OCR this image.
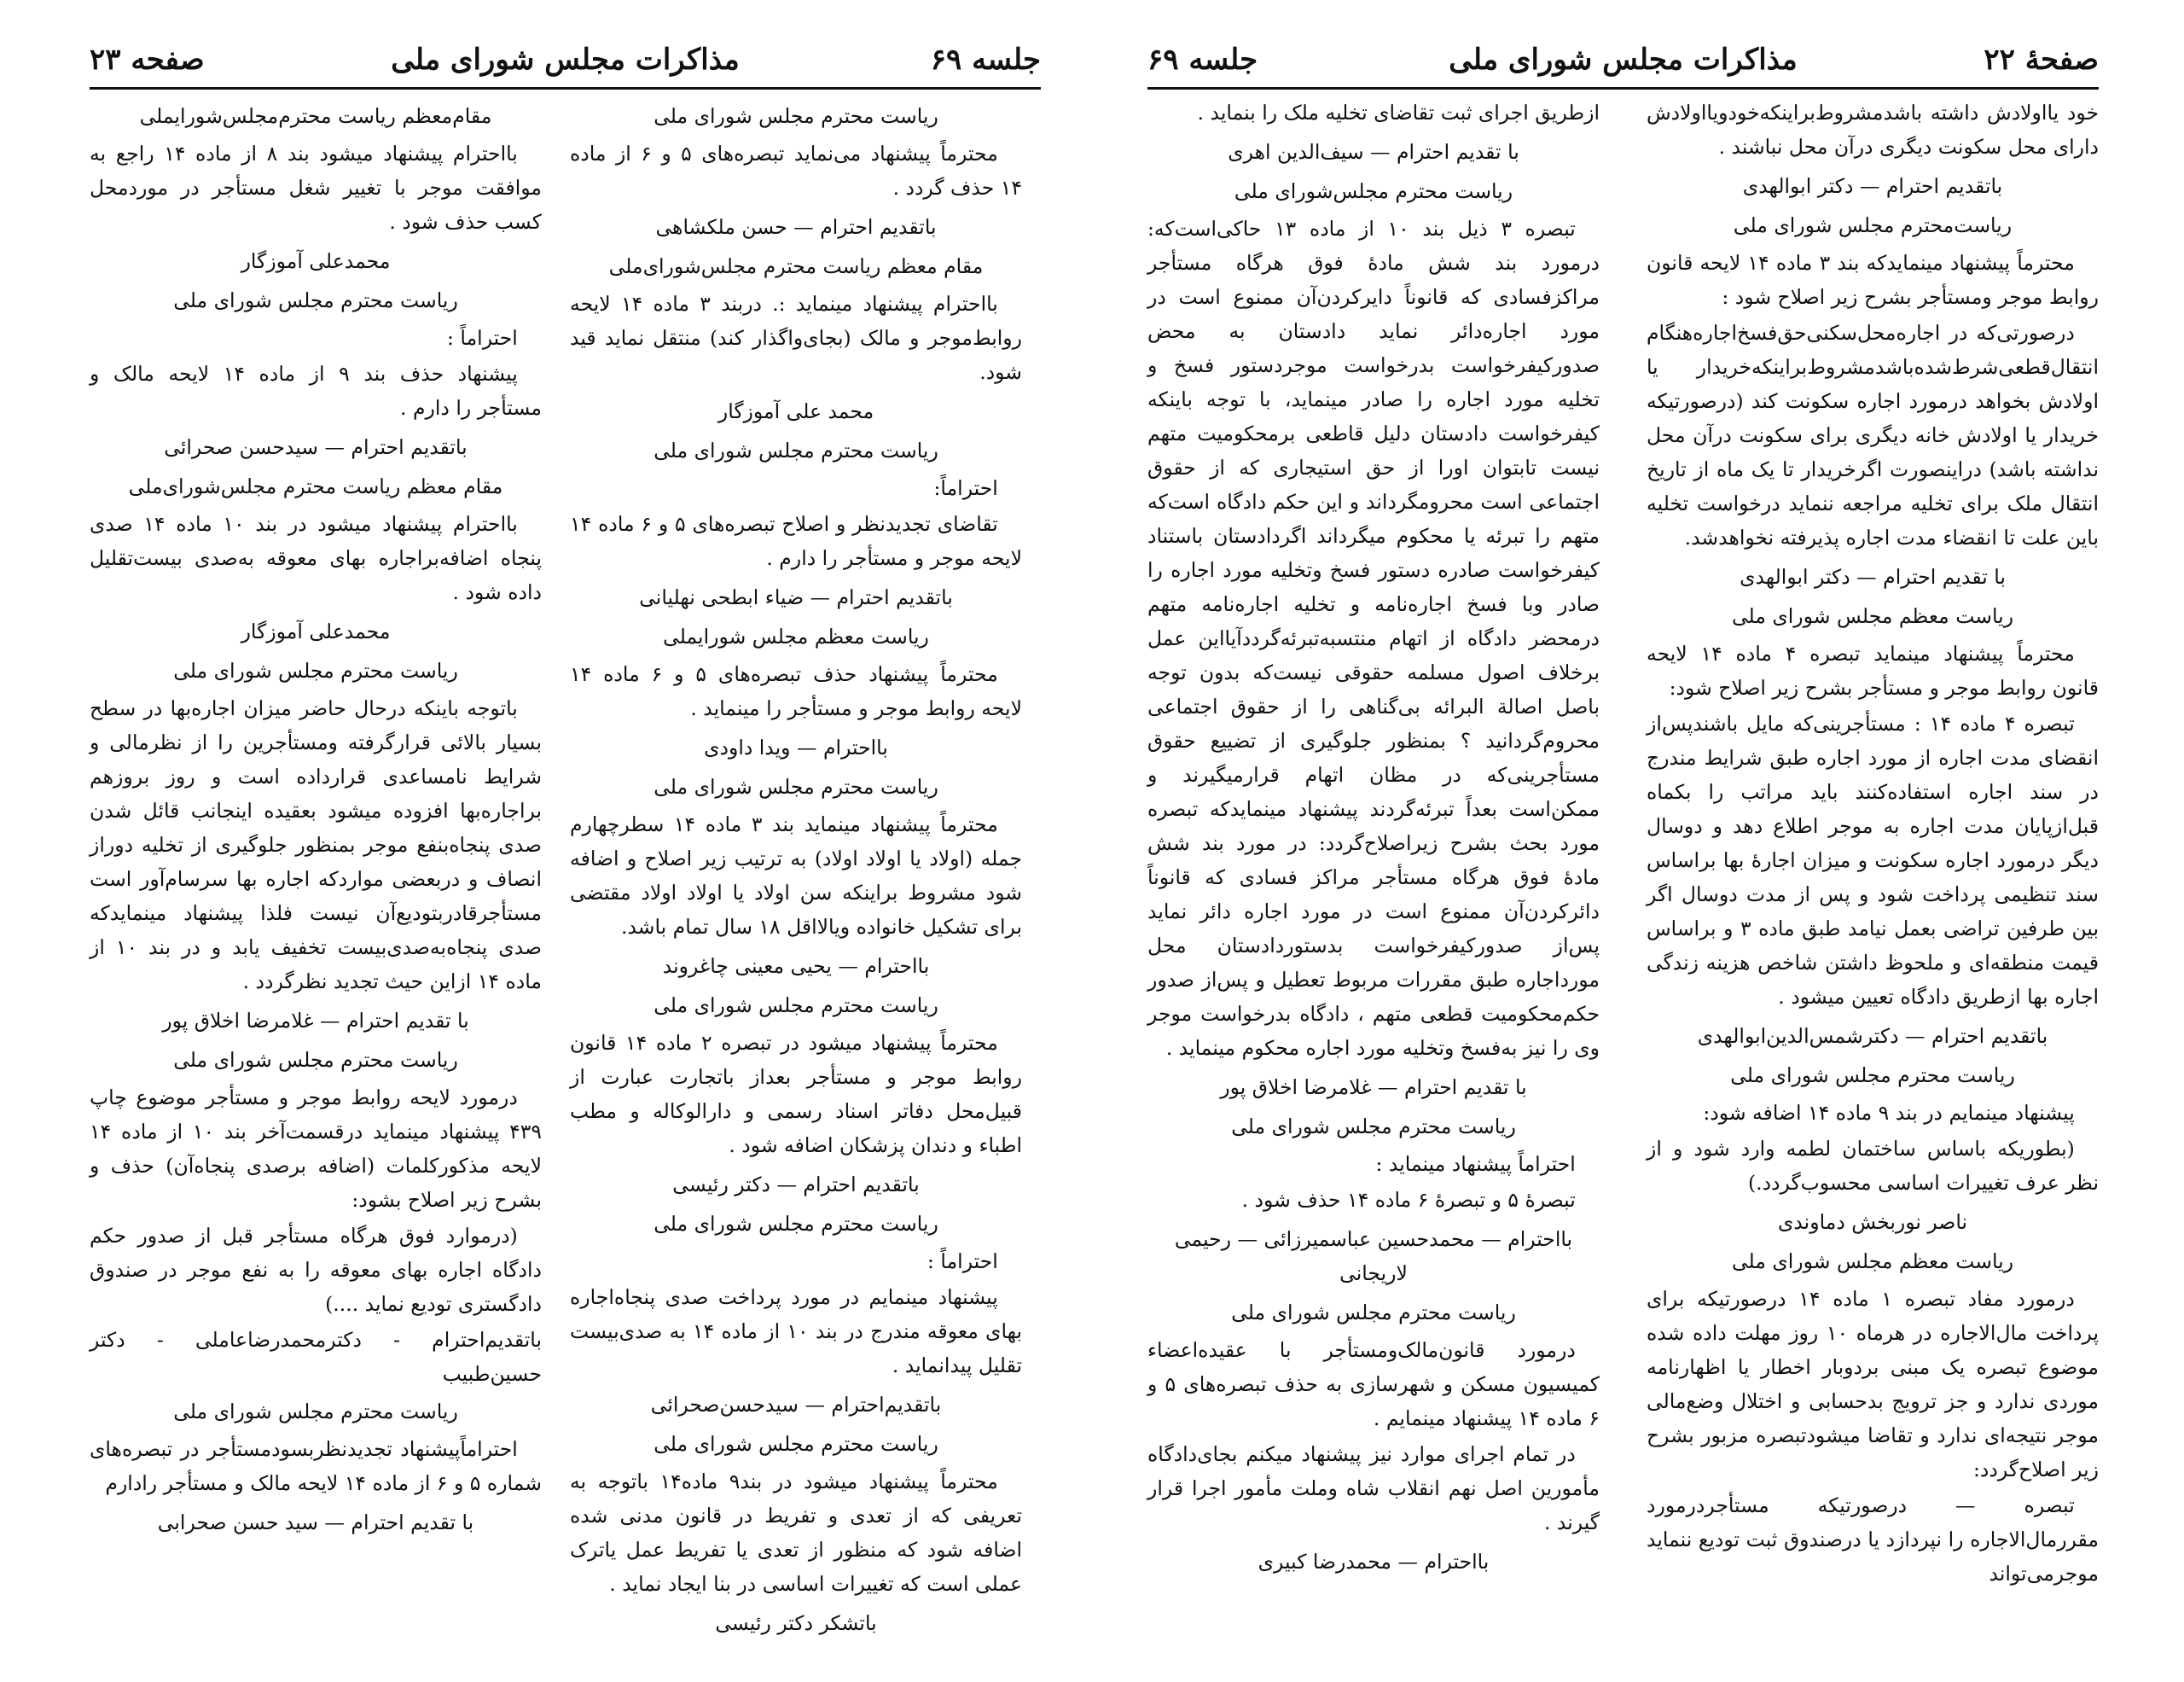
جلسه ۶۹
مذاکرات مجلس شورای ملی
صفحه ۲۳

ریاست محترم مجلس شورای ملی

محترماً پیشنهاد می‌نماید تبصره‌های ۵ و ۶ از ماده ۱۴ حذف گردد .

باتقدیم احترام — حسن ملکشاهی

مقام معظم ریاست محترم مجلس‌شورای‌ملی

بااحترام پیشنهاد مینماید :. دربند ۳ ماده ۱۴ لایحه روابط‌موجر و مالک (بجای‌واگذار کند) منتقل نماید قید شود.

محمد علی آموزگار

ریاست محترم مجلس شورای ملی

احتراماً:

تقاضای تجدیدنظر و اصلاح تبصره‌های ۵ و ۶ ماده ۱۴ لایحه موجر و مستأجر را دارم .

باتقدیم احترام — ضیاء ابطحی نهلیانی

ریاست معظم مجلس شورایملی

محترماً پیشنهاد حذف تبصره‌های ۵ و ۶ ماده ۱۴ لایحه روابط موجر و مستأجر را مینماید .

بااحترام — ویدا داودی

ریاست محترم مجلس شورای ملی

محترماً پیشنهاد مینماید بند ۳ ماده ۱۴ سطرچهارم جمله (اولاد یا اولاد اولاد) به ترتیب زیر اصلاح و اضافه شود مشروط براینکه سن اولاد یا اولاد اولاد مقتضی برای تشکیل خانواده ویالااقل ۱۸ سال تمام باشد.

بااحترام — یحیی معینی چاغروند

ریاست محترم مجلس شورای ملی

محترماً پیشنهاد میشود در تبصره ۲ ماده ۱۴ قانون روابط موجر و مستأجر بعداز باتجارت عبارت از قبیل‌محل دفاتر اسناد رسمی و دارالوکاله و مطب اطباء و دندان پزشکان اضافه شود .

باتقدیم احترام — دکتر رئیسی

ریاست محترم مجلس شورای ملی

احتراماً :

پیشنهاد مینمایم در مورد پرداخت صدی پنجاه‌اجاره بهای معوقه مندرج در بند ۱۰ از ماده ۱۴ به صدی‌بیست تقلیل پیدانماید .

باتقدیم‌احترام — سیدحسن‌صحرائی

ریاست محترم مجلس شورای ملی

محترماً پیشنهاد میشود در بند۹ ماده۱۴ باتوجه به تعریفی که از تعدی و تفریط در قانون مدنی شده اضافه شود که منظور از تعدی یا تفریط عمل یاترک عملی است که تغییرات اساسی در بنا ایجاد نماید .

باتشکر دکتر رئیسی

مقام‌معظم ریاست محترم‌مجلس‌شورایملی

بااحترام پیشنهاد میشود بند ۸ از ماده ۱۴ راجع به موافقت موجر با تغییر شغل مستأجر در موردمحل کسب حذف شود .

محمدعلی آموزگار

ریاست محترم مجلس شورای ملی

احتراماً :

پیشنهاد حذف بند ۹ از ماده ۱۴ لایحه مالک و مستأجر را دارم .

باتقدیم احترام — سیدحسن صحرائی

مقام معظم ریاست محترم مجلس‌شورای‌ملی

بااحترام پیشنهاد میشود در بند ۱۰ ماده ۱۴ صدی پنجاه اضافه‌براجاره بهای معوقه به‌صدی بیست‌تقلیل داده شود .

محمدعلی آموزگار

ریاست محترم مجلس شورای ملی

باتوجه باینکه درحال حاضر میزان اجاره‌بها در سطح بسیار بالائی قرارگرفته ومستأجرین را از نظرمالی و شرایط نامساعدی قرارداده است و روز بروزهم براجاره‌بها افزوده میشود بعقیده اینجانب قائل شدن صدی پنجاه‌بنفع موجر بمنظور جلوگیری از تخلیه دوراز انصاف و دربعضی مواردکه اجاره بها سرسام‌آور است مستأجرقادربتودیع‌آن نیست فلذا پیشنهاد مینمایدکه صدی پنجاه‌به‌صدی‌بیست تخفیف یابد و در بند ۱۰ از ماده ۱۴ ازاین حیث تجدید نظرگردد .

با تقدیم احترام — غلامرضا اخلاق پور

ریاست محترم مجلس شورای ملی

درمورد لایحه روابط موجر و مستأجر موضوع چاپ ۴۳۹ پیشنهاد مینماید درقسمت‌آخر بند ۱۰ از ماده ۱۴ لایحه مذکورکلمات (اضافه برصدی پنجاه‌آن) حذف و بشرح زیر اصلاح بشود:

(درموارد فوق هرگاه مستأجر قبل از صدور حکم دادگاه اجاره بهای معوقه را به نفع موجر در صندوق دادگستری تودیع نماید ....)

باتقدیم‌احترام - دکترمحمدرضاعاملی - دکتر حسین‌طبیب

ریاست محترم مجلس شورای ملی

احتراماًپیشنهاد تجدیدنظربسودمستأجر در تبصره‌های شماره ۵ و ۶ از ماده ۱۴ لایحه مالک و مستأجر رادارم

با تقدیم احترام — سید حسن صحرابی

صفحهٔ ۲۲
مذاکرات مجلس شورای ملی
جلسه ۶۹

خود یااولادش داشته باشدمشروط‌براینکه‌خودویااولادش دارای محل سکونت دیگری درآن محل نباشند .

باتقدیم احترام — دکتر ابوالهدی

ریاست‌محترم مجلس شورای ملی

محترماً پیشنهاد مینمایدکه بند ۳ ماده ۱۴ لایحه قانون روابط موجر ومستأجر بشرح زیر اصلاح شود :

درصورتی‌که در اجاره‌محل‌سکنی‌حق‌فسخ‌اجاره‌هنگام انتقال‌قطعی‌شرط‌شده‌باشدمشروط‌براینکه‌خریدار یا اولادش بخواهد درمورد اجاره سکونت کند (درصورتیکه خریدار یا اولادش خانه دیگری برای سکونت درآن محل نداشته باشد) دراینصورت اگرخریدار تا یک ماه از تاریخ انتقال ملک برای تخلیه مراجعه ننماید درخواست تخلیه باین علت تا انقضاء مدت اجاره پذیرفته نخواهدشد.

با تقدیم احترام — دکتر ابوالهدی

ریاست معظم مجلس شورای ملی

محترماً پیشنهاد مینماید تبصره ۴ ماده ۱۴ لایحه قانون روابط موجر و مستأجر بشرح زیر اصلاح شود:

تبصره ۴ ماده ۱۴ : مستأجرینی‌که مایل باشندپس‌از انقضای مدت اجاره از مورد اجاره طبق شرایط مندرج در سند اجاره استفاده‌کنند باید مراتب را بکماه قبل‌ازپایان مدت اجاره به موجر اطلاع دهد و دوسال دیگر درمورد اجاره سکونت و میزان اجارهٔ بها براساس سند تنظیمی پرداخت شود و پس از مدت دوسال اگر بین طرفین تراضی بعمل نیامد طبق ماده ۳ و براساس قیمت منطقه‌ای و ملحوظ داشتن شاخص هزینه زندگی اجاره بها ازطریق دادگاه تعیین میشود .

باتقدیم احترام — دکترشمس‌الدین‌ابوالهدی

ریاست محترم مجلس شورای ملی

پیشنهاد مینمایم در بند ۹ ماده ۱۴ اضافه شود:

(بطوریکه باساس ساختمان لطمه وارد شود و از نظر عرف تغییرات اساسی محسوب‌گردد.)

ناصر نوربخش دماوندی

ریاست معظم مجلس شورای ملی

درمورد مفاد تبصره ۱ ماده ۱۴ درصورتیکه برای پرداخت مال‌الاجاره در هرماه ۱۰ روز مهلت داده شده موضوع تبصره یک مبنی بردوبار اخطار یا اظهارنامه موردی ندارد و جز ترویج بدحسابی و اختلال وضع‌مالی موجر نتیجه‌ای ندارد و تقاضا میشودتبصره مزبور بشرح زیر اصلاح‌گردد:

تبصره — درصورتیکه مستأجردرمورد مقررمال‌الاجاره را نپردازد یا درصندوق ثبت تودیع ننماید موجرمی‌تواند

ازطریق اجرای ثبت تقاضای تخلیه ملک را بنماید .

با تقدیم احترام — سیف‌الدین اهری

ریاست محترم مجلس‌شورای ملی

تبصره ۳ ذیل بند ۱۰ از ماده ۱۳ حاکی‌است‌که: درمورد بند شش مادهٔ فوق هرگاه مستأجر مراکزفسادی که قانوناً دایرکردن‌آن ممنوع است در مورد اجاره‌دائر نماید دادستان به محض صدورکیفرخواست بدرخواست موجردستور فسخ و تخلیه مورد اجاره را صادر مینماید، با توجه باینکه کیفرخواست دادستان دلیل قاطعی برمحکومیت متهم نیست تابتوان اورا از حق استیجاری که از حقوق اجتماعی است محرومگرداند و این حکم دادگاه است‌که متهم را تبرئه یا محکوم میگرداند اگردادستان باستناد کیفرخواست صادره دستور فسخ وتخلیه مورد اجاره را صادر وبا فسخ اجاره‌نامه و تخلیه اجاره‌نامه متهم درمحضر دادگاه از اتهام منتسبه‌تبرئه‌گرددآیااین عمل برخلاف اصول مسلمه حقوقی نیست‌که بدون توجه باصل اصالة البرائه بی‌گناهی را از حقوق اجتماعی محروم‌گردانید ؟ بمنظور جلوگیری از تضییع حقوق مستأجرینی‌که در مظان اتهام قرارمیگیرند و ممکن‌است بعداً تبرئه‌گردند پیشنهاد مینمایدکه تبصره مورد بحث بشرح زیراصلاح‌گردد: در مورد بند شش مادهٔ فوق هرگاه مستأجر مراکز فسادی که قانوناً دائرکردن‌آن ممنوع است در مورد اجاره دائر نماید پس‌از صدورکیفرخواست بدستوردادستان محل مورداجاره طبق مقررات مربوط تعطیل و پس‌از صدور حکم‌محکومیت قطعی متهم ، دادگاه بدرخواست موجر وی را نیز به‌فسخ وتخلیه مورد اجاره محکوم مینماید .

با تقدیم احترام — غلامرضا اخلاق پور

ریاست محترم مجلس شورای ملی

احتراماً پیشنهاد مینماید :

تبصرهٔ ۵ و تبصرهٔ ۶ ماده ۱۴ حذف شود .

بااحترام — محمدحسین عباسمیرزائی — رحیمی لاریجانی

ریاست محترم مجلس شورای ملی

درمورد قانون‌مالک‌ومستأجر با عقیده‌اعضاء کمیسیون مسکن و شهرسازی به حذف تبصره‌های ۵ و ۶ ماده ۱۴ پیشنهاد مینمایم .

در تمام اجرای موارد نیز پیشنهاد میکنم بجای‌دادگاه مأمورین اصل نهم انقلاب شاه وملت مأمور اجرا قرار گیرند .

بااحترام — محمدرضا کبیری
